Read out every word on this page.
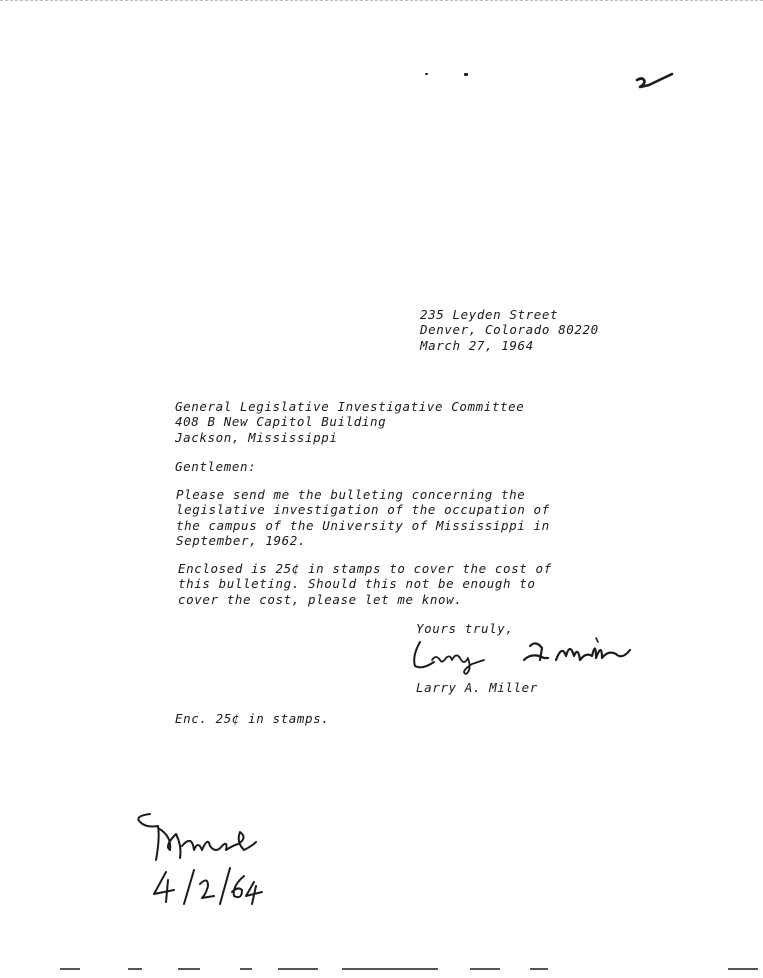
235 Leyden Street
Denver, Colorado 80220
March 27, 1964
General Legislative Investigative Committee
408 B New Capitol Building
Jackson, Mississippi
Gentlemen:
Please send me the bulleting concerning the
legislative investigation of the occupation of
the campus of the University of Mississippi in
September, 1962.
Enclosed is 25¢ in stamps to cover the cost of
this bulleting. Should this not be enough to
cover the cost, please let me know.
Yours truly,
Larry A. Miller
Enc. 25¢ in stamps.
